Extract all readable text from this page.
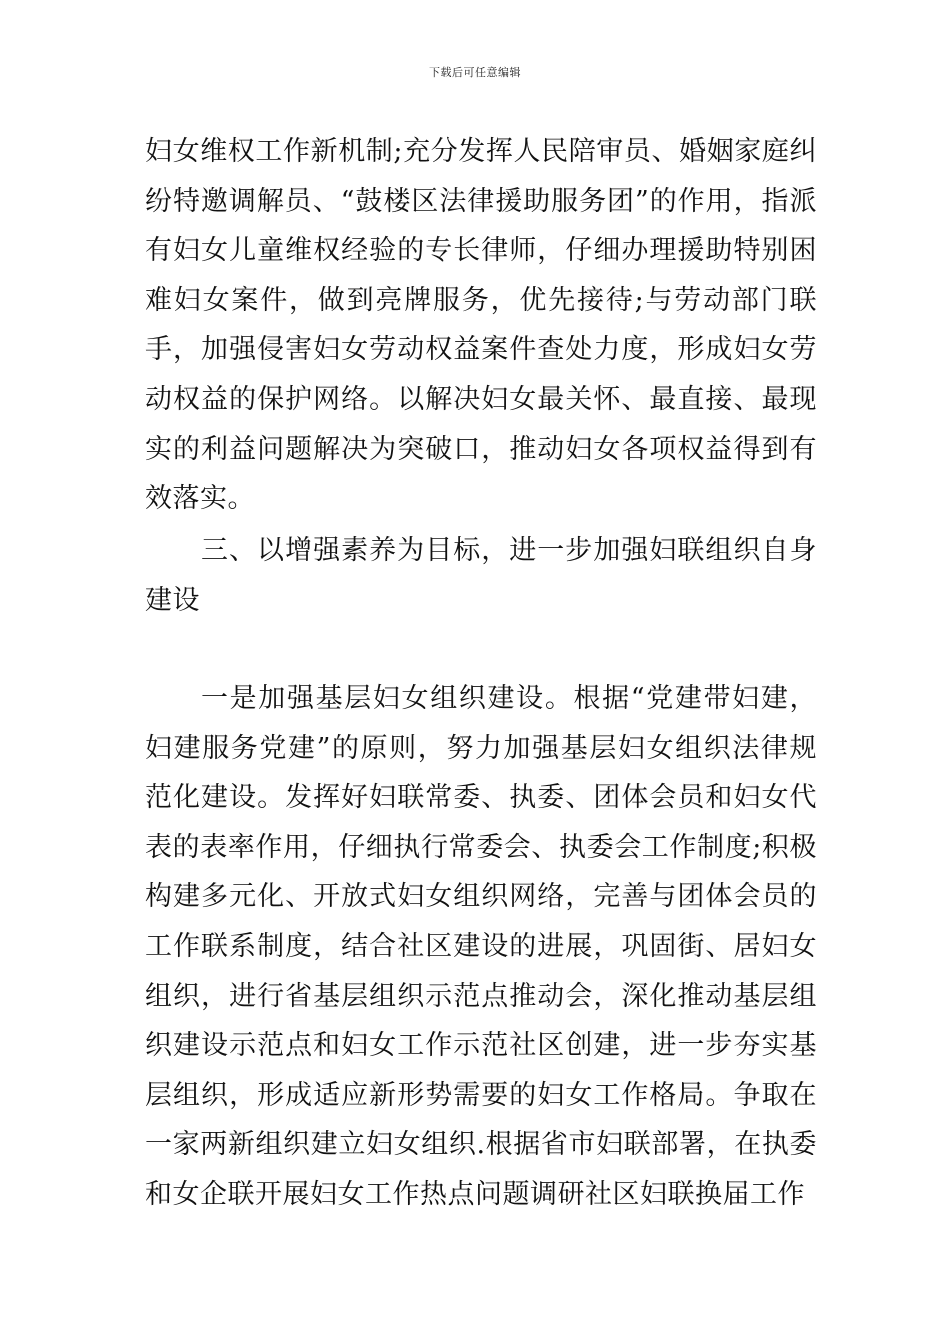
下载后可任意编辑

妇女维权工作新机制;充分发挥人民陪审员、婚姻家庭纠纷特邀调解员、“鼓楼区法律援助服务团”的作用，指派有妇女儿童维权经验的专长律师，仔细办理援助特别困难妇女案件，做到亮牌服务，优先接待;与劳动部门联手，加强侵害妇女劳动权益案件查处力度，形成妇女劳动权益的保护网络。以解决妇女最关怀、最直接、最现实的利益问题解决为突破口，推动妇女各项权益得到有效落实。

三、以增强素养为目标，进一步加强妇联组织自身建设

一是加强基层妇女组织建设。根据“党建带妇建，妇建服务党建”的原则，努力加强基层妇女组织法律规范化建设。发挥好妇联常委、执委、团体会员和妇女代表的表率作用，仔细执行常委会、执委会工作制度;积极构建多元化、开放式妇女组织网络，完善与团体会员的工作联系制度，结合社区建设的进展，巩固街、居妇女组织，进行省基层组织示范点推动会，深化推动基层组织建设示范点和妇女工作示范社区创建，进一步夯实基层组织，形成适应新形势需要的妇女工作格局。争取在一家两新组织建立妇女组织.根据省市妇联部署，在执委和女企联开展妇女工作热点问题调研社区妇联换届工作
